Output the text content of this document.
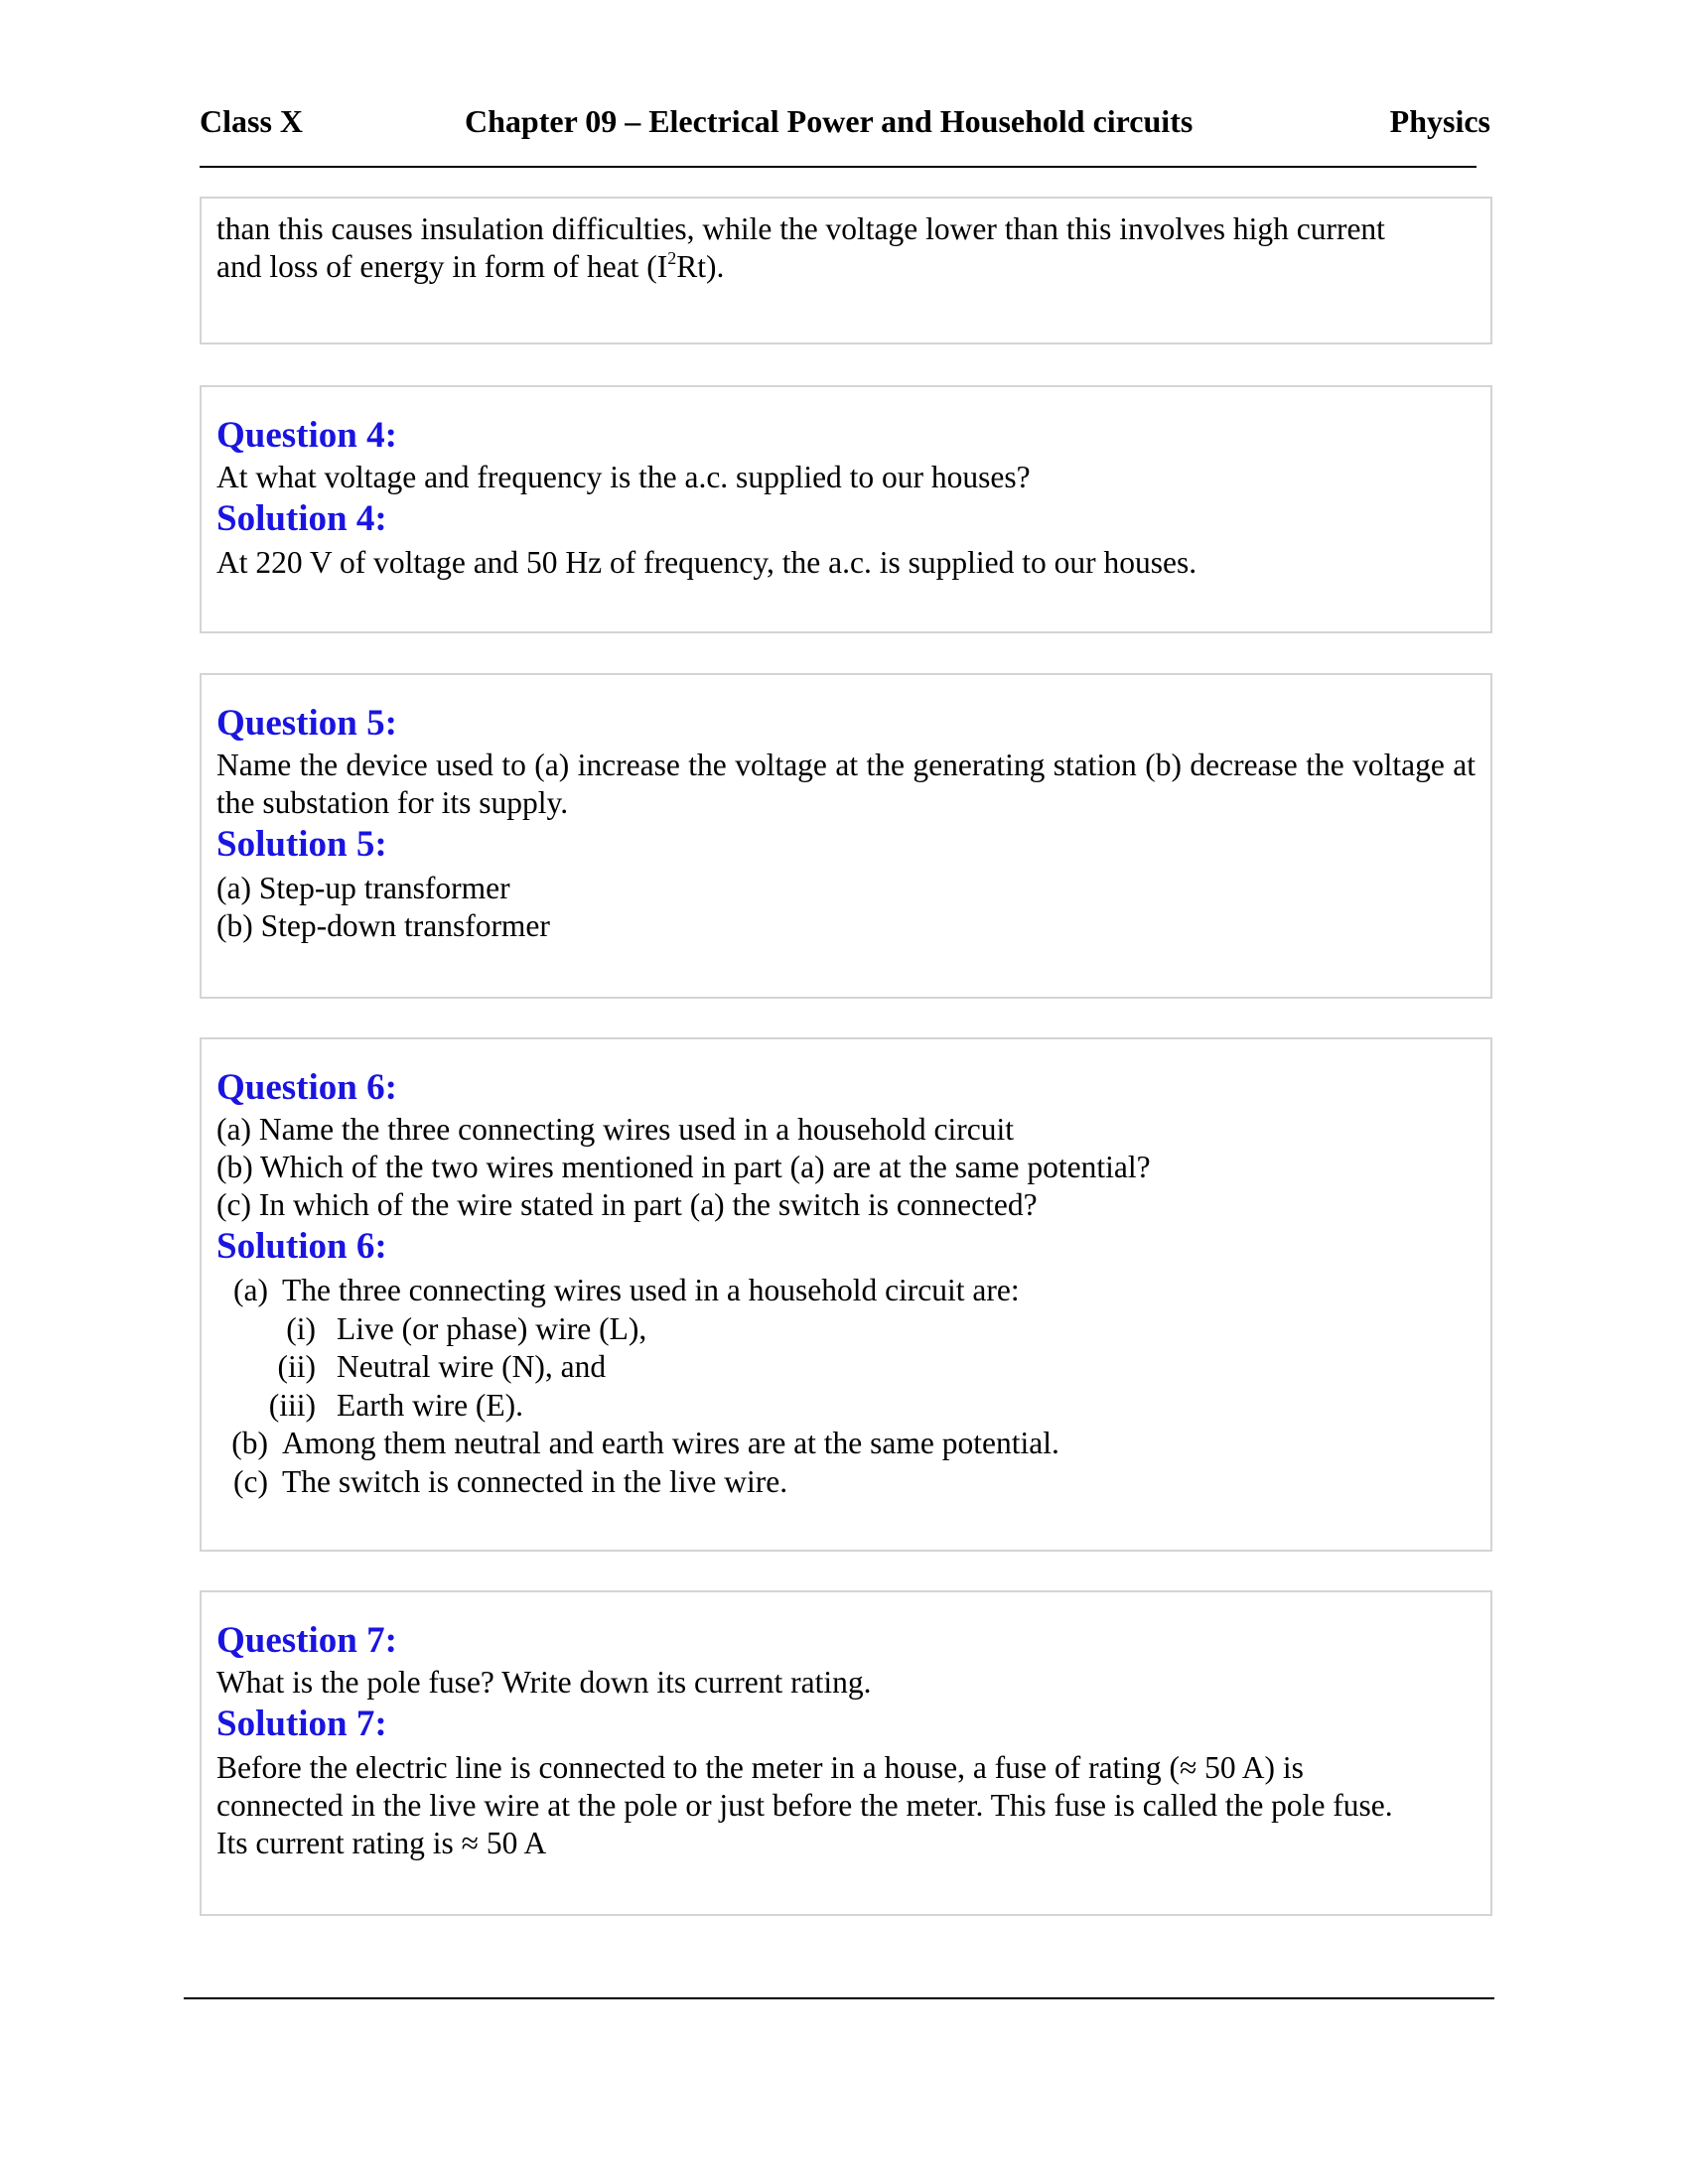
Class X	Chapter 09 – Electrical Power and Household circuits	Physics
than this causes insulation difficulties, while the voltage lower than this involves high current
and loss of energy in form of heat $(I^2Rt)$.
Question 4:
At what voltage and frequency is the a.c. supplied to our houses?
Solution 4:
At 220 V of voltage and 50 Hz of frequency, the a.c. is supplied to our houses.
Question 5:
Name the device used to (a) increase the voltage at the generating station (b) decrease the voltage at the substation for its supply.
Solution 5:
(a) Step-up transformer
(b) Step-down transformer
Question 6:
(a) Name the three connecting wires used in a household circuit
(b) Which of the two wires mentioned in part (a) are at the same potential?
(c) In which of the wire stated in part (a) the switch is connected?
Solution 6:
(a) The three connecting wires used in a household circuit are:
(i) Live (or phase) wire (L),
(ii) Neutral wire (N), and
(iii) Earth wire (E).
(b) Among them neutral and earth wires are at the same potential.
(c) The switch is connected in the live wire.
Question 7:
What is the pole fuse? Write down its current rating.
Solution 7:
Before the electric line is connected to the meter in a house, a fuse of rating (≈ 50 A) is
connected in the live wire at the pole or just before the meter. This fuse is called the pole fuse.
Its current rating is ≈ 50 A
